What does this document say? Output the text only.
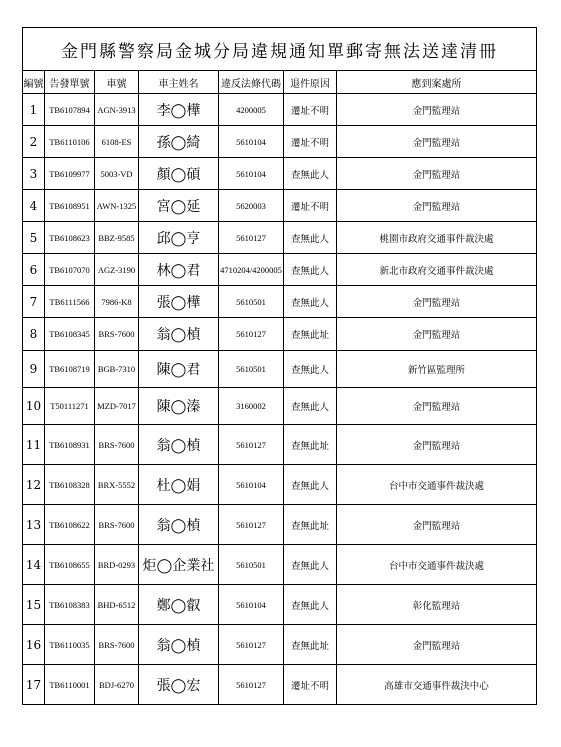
金門縣警察局金城分局違規通知單郵寄無法送達清冊						
編號	告發單號	車號	車主姓名	違反法條代碼	退件原因	應到案處所
1	TB6107894	AGN-3913	李◯樺	4200005	遷址不明	金門監理站
2	TB6110106	6108-ES	孫◯綺	5610104	遷址不明	金門監理站
3	TB6109977	5003-VD	顏◯碩	5610104	查無此人	金門監理站
4	TB6108951	AWN-1325	宮◯延	5620003	遷址不明	金門監理站
5	TB6108623	BBZ-9585	邱◯亨	5610127	查無此人	桃園市政府交通事件裁決處
6	TB6107070	AGZ-3190	林◯君	4710204/4200005	查無此人	新北市政府交通事件裁決處
7	TB6111566	7986-K8	張◯樺	5610501	查無此人	金門監理站
8	TB6108345	BRS-7600	翁◯楨	5610127	查無此址	金門監理站
9	TB6108719	BGB-7310	陳◯君	5610501	查無此人	新竹區監理所
10	T50111271	MZD-7017	陳◯溱	3160002	查無此人	金門監理站
11	TB6108931	BRS-7600	翁◯楨	5610127	查無此址	金門監理站
12	TB6108328	BRX-5552	杜◯娟	5610104	查無此人	台中市交通事件裁決處
13	TB6108622	BRS-7600	翁◯楨	5610127	查無此址	金門監理站
14	TB6108655	BRD-0293	炬◯企業社	5610501	查無此人	台中市交通事件裁決處
15	TB6108383	BHD-6512	鄭◯叡	5610104	查無此人	彰化監理站
16	TB6110035	BRS-7600	翁◯楨	5610127	查無此址	金門監理站
17	TB6110001	BDJ-6270	張◯宏	5610127	遷址不明	高雄市交通事件裁決中心
